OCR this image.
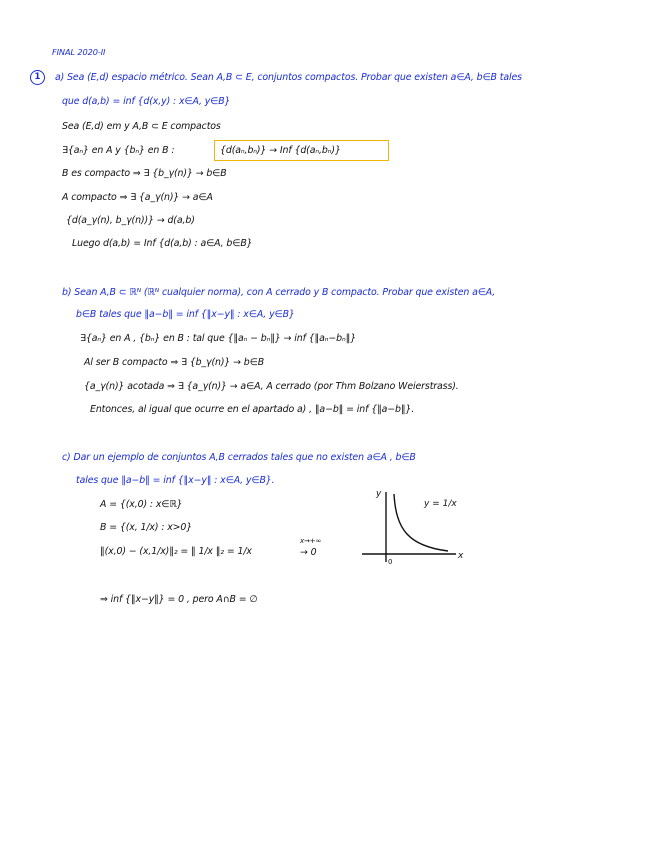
FINAL 2020-II
1	a) Sea (E,d) espacio métrico. Sean A,B ⊂ E, conjuntos compactos. Probar que existen a∈A, b∈B tales
que d(a,b) = inf {d(x,y) : x∈A, y∈B}
Sea (E,d) em y A,B ⊂ E compactos
∃{aₙ} en A y {bₙ} en B :	{d(aₙ,bₙ)} → Inf {d(aₙ,bₙ)}
B es compacto ⇒ ∃ {b_γ(n)} → b∈B
A compacto ⇒ ∃ {a_γ(n)} → a∈A
{d(a_γ(n), b_γ(n))} → d(a,b)
Luego d(a,b) = Inf {d(a,b) : a∈A, b∈B}
b) Sean A,B ⊂ ℝᴺ (ℝᴺ cualquier norma), con A cerrado y B compacto. Probar que existen a∈A,
b∈B tales que ‖a−b‖ = inf {‖x−y‖ : x∈A, y∈B}
∃{aₙ} en A , {bₙ} en B : tal que {‖aₙ − bₙ‖} → inf {‖aₙ−bₙ‖}
Al ser B compacto ⇒ ∃ {b_γ(n)} → b∈B
{a_γ(n)} acotada ⇒ ∃ {a_γ(n)} → a∈A, A cerrado (por Thm Bolzano Weierstrass).
Entonces, al igual que ocurre en el apartado a) , ‖a−b‖ = inf {‖a−b‖}.
c) Dar un ejemplo de conjuntos A,B cerrados tales que no existen a∈A , b∈B
tales que ‖a−b‖ = inf {‖x−y‖ : x∈A, y∈B}.
A = {(x,0) : x∈ℝ}
B = {(x, 1/x) : x>0}
‖(x,0) − (x,1/x)‖₂ = ‖ 1/x ‖₂ = 1/x
x→+∞
→ 0
⇒ inf {‖x−y‖} = 0 , pero A∩B = ∅
y
x
0
y = 1/x
